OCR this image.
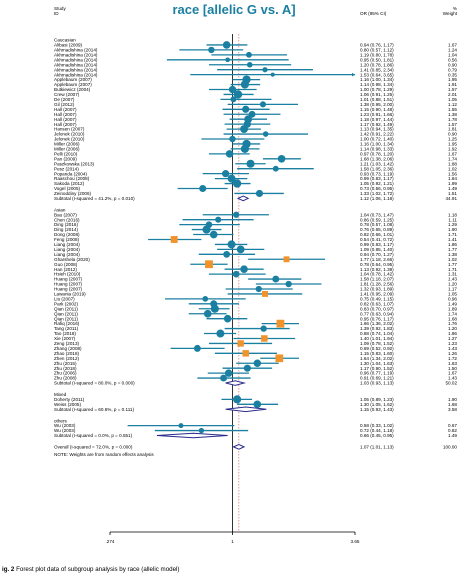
race [allelic G vs. A]
Study
ID	OR (95% CI)
%
Weight
Caucasian
Alibasi (2009)	0.94 (0.76, 1.17)	1.67
Akhmadishina (2014)	0.80 (0.57, 1.12)	1.24
Akhmadishina (2014)	1.19 (0.80, 1.78)	1.04
Akhmadishina (2014)	0.95 (0.50, 1.81)	0.56
Akhmadishina (2014)	1.20 (0.78, 1.86)	0.90
Akhmadishina (2014)	1.41 (0.85, 2.34)	0.79
Akhmadishina (2014)	1.53 (0.64, 3.65)	0.35
Applebaum (2007)	1.16 (1.00, 1.34)	1.95
Applebaum (2007)	1.14 (0.98, 1.34)	1.91
Butkiewicz (2004)	1.00 (0.78, 1.29)	1.57
Crew (2007)	1.06 (0.91, 1.25)	2.01
De (2007)	1.01 (0.88, 1.51)	1.05
Gil (2012)	1.38 (0.95, 2.00)	1.12
Hall (2007)	1.15 (0.90, 1.48)	1.55
Hall (2007)	1.23 (0.91, 1.66)	1.38
Hall (2007)	1.18 (0.97, 1.44)	1.78
Hall (2007)	1.17 (0.92, 1.49)	1.57
Hansen (2007)	1.13 (0.94, 1.35)	1.81
Jelonek (2010)	1.42 (0.91, 2.22)	0.90
Jelonek (2010)	1.00 (0.72, 1.40)	1.25
Miller (2006)	1.16 (1.00, 1.34)	1.95
Miller (2006)	1.14 (0.98, 1.33)	1.92
Pelli (2010)	0.97 (0.78, 1.20)	1.67
Pan (2009)	1.68 (1.38, 2.06)	1.74
Paszkowska (2013)	1.21 (1.03, 1.42)	1.88
Pesz (2014)	1.58 (1.05, 2.36)	1.02
Popanda (2004)	0.93 (0.73, 1.19)	1.56
Raaschou (2008)	0.99 (0.83, 1.17)	1.84
Sakoda (2012)	1.05 (0.92, 1.21)	1.99
Vogel (2005)	0.73 (0.56, 0.95)	1.49
Zeinoddiny (2006)	1.33 (1.02, 1.72)	1.51
Subtotal (I-squared = 41.2%, p = 0.010)	1.12 (1.06, 1.18)	44.91
Asian
Bau (2007)	1.04 (0.73, 1.47)	1.18
Chen (2016)	0.86 (0.59, 1.25)	1.11
Ding (2016)	0.78 (0.57, 1.08)	1.29
Ding (2014)	0.76 (0.65, 0.89)	1.90
Dong (2008)	0.82 (0.66, 1.01)	1.71
Feng (2008)	0.54 (0.41, 0.72)	1.41
Liang (2004)	0.99 (0.83, 1.17)	1.86
Liang (2004)	1.09 (0.85, 1.40)	1.77
Liang (2004)	0.94 (0.70, 1.27)	1.38
Gharshela (2020)	1.77 (1.18, 2.66)	1.02
Guo (2008)	0.78 (0.64, 0.95)	1.77
Han (2012)	1.13 (0.92, 1.39)	1.71
Hsieh (2010)	1.04 (0.78, 1.42)	1.31
Huang (2007)	1.58 (1.18, 2.07)	1.43
Huang (2007)	1.81 (1.28, 2.56)	1.20
Huang (2007)	1.32 (0.93, 1.89)	1.17
Lawania (2019)	1.41 (0.95, 2.09)	1.05
Liu (2007)	0.75 (0.49, 1.15)	0.96
Park (2002)	0.82 (0.63, 1.07)	1.49
Qian (2011)	0.83 (0.70, 0.97)	1.89
Qian (2011)	0.77 (0.63, 0.94)	1.74
Qian (2011)	0.95 (0.76, 1.17)	1.68
Rafiq (2016)	1.66 (1.36, 2.02)	1.76
Tang (2011)	1.39 (0.92, 1.83)	1.20
Tao (2018)	0.88 (0.74, 1.04)	1.86
Xie (2007)	1.40 (1.01, 1.94)	1.27
Zeng (2013)	1.09 (0.78, 1.52)	1.23
Zhang (2008)	0.69 (0.52, 0.92)	1.43
Zhao (2018)	1.15 (0.83, 1.60)	1.26
Zhen (2012)	1.64 (1.34, 2.02)	1.72
Zhu (2015)	1.30 (1.04, 1.63)	1.63
Zhu (2018)	1.17 (0.90, 1.52)	1.50
Zhu (2006)	0.96 (0.77, 1.19)	1.67
Zhu (2008)	0.91 (0.69, 1.21)	1.43
Subtotal (I-squared = 80.0%, p = 0.000)	1.03 (0.93, 1.13)	50.02
Mixed
Doherty (2011)	1.05 (0.89, 1.23)	1.90
Weiss (2005)	1.30 (1.05, 1.62)	1.68
Subtotal (I-squared = 60.6%, p = 0.111)	1.15 (0.93, 1.43)	3.58
others
Wu (2003)	0.58 (0.33, 1.02)	0.67
Wu (2003)	0.72 (0.44, 1.18)	0.82
Subtotal (I-squared = 0.0%, p = 0.551)	0.66 (0.45, 0.95)	1.49
Overall (I-squared = 72.0%, p = 0.000)	1.07 (1.01, 1.13)	100.00
NOTE: Weights are from random effects analysis
.274	1	3.65
ig. 2 Forest plot data of subgroup analysis by race (allelic model)
